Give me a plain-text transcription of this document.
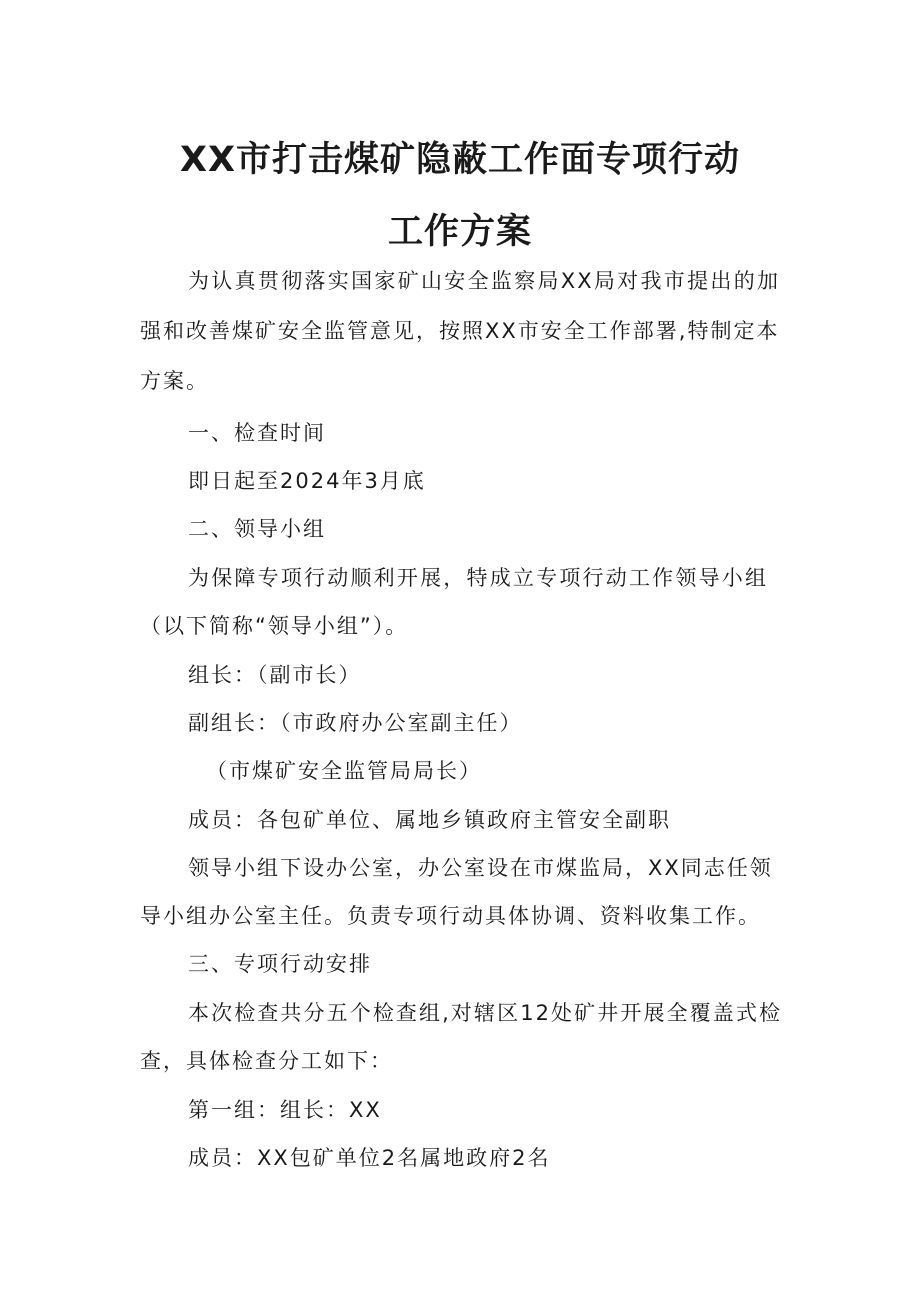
XX市打击煤矿隐蔽工作面专项行动
工作方案
为认真贯彻落实国家矿山安全监察局XX局对我市提出的加
强和改善煤矿安全监管意见，按照XX市安全工作部署,特制定本
方案。
一、检查时间
即日起至2024年3月底
二、领导小组
为保障专项行动顺利开展，特成立专项行动工作领导小组
（以下简称“领导小组”）。
组长：（副市长）
副组长：（市政府办公室副主任）
（市煤矿安全监管局局长）
成员：各包矿单位、属地乡镇政府主管安全副职
领导小组下设办公室，办公室设在市煤监局，XX同志任领
导小组办公室主任。负责专项行动具体协调、资料收集工作。
三、专项行动安排
本次检查共分五个检查组,对辖区12处矿井开展全覆盖式检
查，具体检查分工如下：
第一组：组长：XX
成员：XX包矿单位2名属地政府2名
